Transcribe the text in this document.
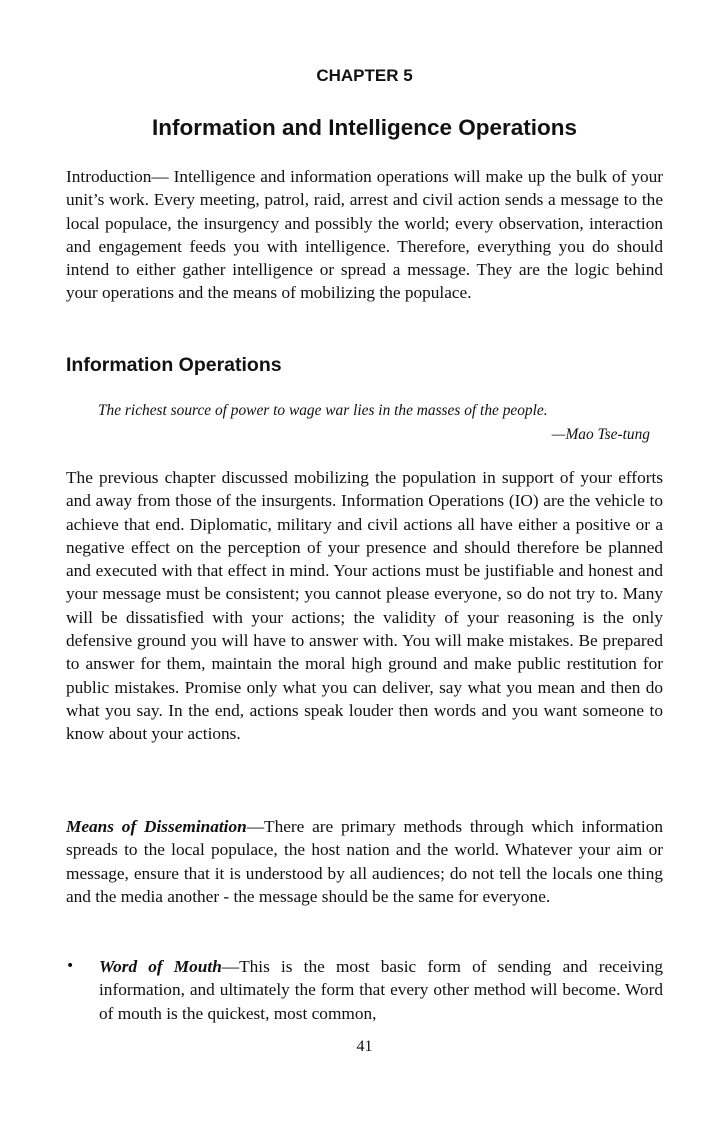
CHAPTER 5
Information and Intelligence Operations

Introduction— Intelligence and information operations will make up the bulk of your unit’s work. Every meeting, patrol, raid, arrest and civil action sends a message to the local populace, the insurgency and possibly the world; every observation, interaction and engagement feeds you with intelligence. Therefore, everything you do should intend to either gather intelligence or spread a message. They are the logic behind your operations and the means of mobilizing the populace.

Information Operations
The richest source of power to wage war lies in the masses of the people.
—Mao Tse-tung

The previous chapter discussed mobilizing the population in support of your efforts and away from those of the insurgents. Information Operations (IO) are the vehicle to achieve that end. Diplomatic, military and civil actions all have either a positive or a negative effect on the perception of your presence and should therefore be planned and executed with that effect in mind. Your actions must be justifiable and honest and your message must be consistent; you cannot please everyone, so do not try to. Many will be dissatisfied with your actions; the validity of your reasoning is the only defensive ground you will have to answer with. You will make mistakes. Be prepared to answer for them, maintain the moral high ground and make public restitution for public mistakes. Promise only what you can deliver, say what you mean and then do what you say. In the end, actions speak louder then words and you want someone to know about your actions.

Means of Dissemination—There are primary methods through which information spreads to the local populace, the host nation and the world. Whatever your aim or message, ensure that it is understood by all audiences; do not tell the locals one thing and the media another - the message should be the same for everyone.

• Word of Mouth—This is the most basic form of sending and receiving information, and ultimately the form that every other method will become. Word of mouth is the quickest, most common,

41
